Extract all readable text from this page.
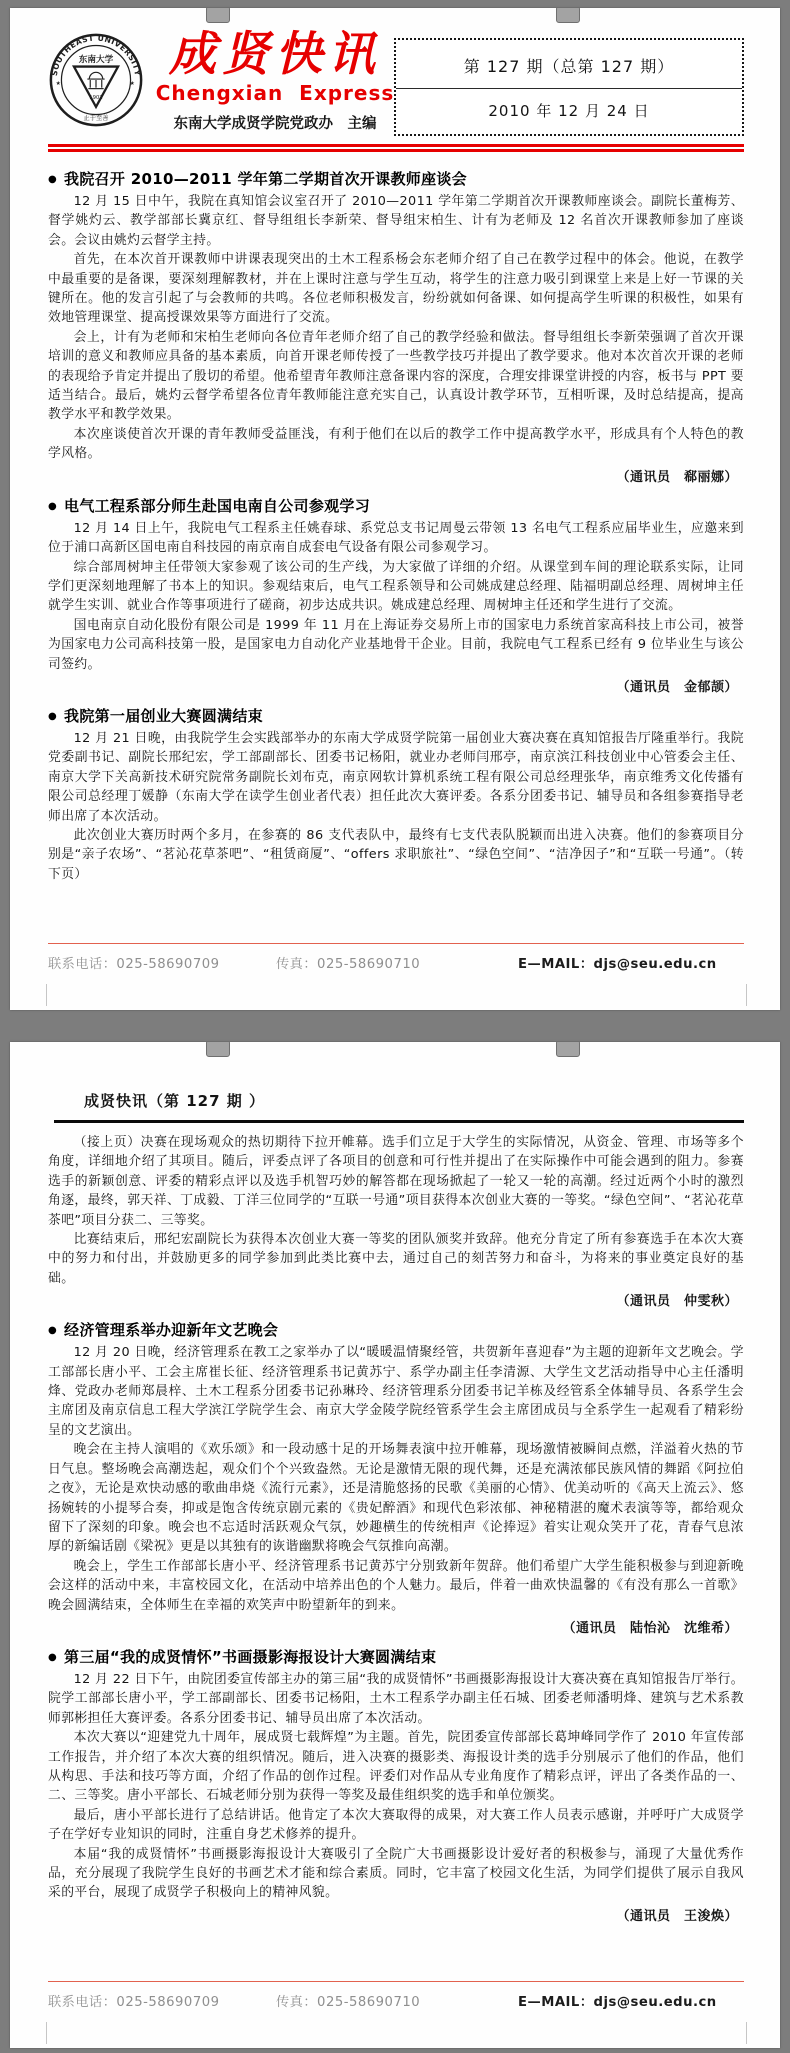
SOUTHEAST UNIVERSITY
★	★
东南大学
1902
止于至善
成贤快讯
Chengxian  Express
东南大学成贤学院党政办　主编
第 127 期（总第 127 期）
2010 年 12 月 24 日
● 我院召开 2010—2011 学年第二学期首次开课教师座谈会

12 月 15 日中午，我院在真知馆会议室召开了 2010—2011 学年第二学期首次开课教师座谈会。副院长董梅芳、督学姚灼云、教学部部长冀京红、督导组组长李新荣、督导组宋柏生、计有为老师及 12 名首次开课教师参加了座谈会。会议由姚灼云督学主持。

首先，在本次首开课教师中讲课表现突出的土木工程系杨会东老师介绍了自己在教学过程中的体会。他说，在教学中最重要的是备课，要深刻理解教材，并在上课时注意与学生互动，将学生的注意力吸引到课堂上来是上好一节课的关键所在。他的发言引起了与会教师的共鸣。各位老师积极发言，纷纷就如何备课、如何提高学生听课的积极性，如果有效地管理课堂、提高授课效果等方面进行了交流。

会上，计有为老师和宋柏生老师向各位青年老师介绍了自己的教学经验和做法。督导组组长李新荣强调了首次开课培训的意义和教师应具备的基本素质，向首开课老师传授了一些教学技巧并提出了教学要求。他对本次首次开课的老师的表现给予肯定并提出了殷切的希望。他希望青年教师注意备课内容的深度，合理安排课堂讲授的内容，板书与 PPT 要适当结合。最后，姚灼云督学希望各位青年教师能注意充实自己，认真设计教学环节，互相听课，及时总结提高，提高教学水平和教学效果。

本次座谈使首次开课的青年教师受益匪浅，有利于他们在以后的教学工作中提高教学水平，形成具有个人特色的教学风格。

（通讯员　郗丽娜）

● 电气工程系部分师生赴国电南自公司参观学习

12 月 14 日上午，我院电气工程系主任姚春球、系党总支书记周曼云带领 13 名电气工程系应届毕业生，应邀来到位于浦口高新区国电南自科技园的南京南自成套电气设备有限公司参观学习。

综合部周树坤主任带领大家参观了该公司的生产线，为大家做了详细的介绍。从课堂到车间的理论联系实际，让同学们更深刻地理解了书本上的知识。参观结束后，电气工程系领导和公司姚成建总经理、陆福明副总经理、周树坤主任就学生实训、就业合作等事项进行了磋商，初步达成共识。姚成建总经理、周树坤主任还和学生进行了交流。

国电南京自动化股份有限公司是 1999 年 11 月在上海证券交易所上市的国家电力系统首家高科技上市公司，被誉为国家电力公司高科技第一股，是国家电力自动化产业基地骨干企业。目前，我院电气工程系已经有 9 位毕业生与该公司签约。

（通讯员　金郁颉）

● 我院第一届创业大赛圆满结束

12 月 21 日晚，由我院学生会实践部举办的东南大学成贤学院第一届创业大赛决赛在真知馆报告厅隆重举行。我院党委副书记、副院长邢纪宏，学工部副部长、团委书记杨阳，就业办老师闫邢亭，南京滨江科技创业中心管委会主任、南京大学下关高新技术研究院常务副院长刘布克，南京网软计算机系统工程有限公司总经理张华，南京维秀文化传播有限公司总经理丁媛静（东南大学在读学生创业者代表）担任此次大赛评委。各系分团委书记、辅导员和各组参赛指导老师出席了本次活动。

此次创业大赛历时两个多月，在参赛的 86 支代表队中，最终有七支代表队脱颖而出进入决赛。他们的参赛项目分别是“亲子农场”、“茗沁花草茶吧”、“租赁商厦”、“offers 求职旅社”、“绿色空间”、“洁净因子”和“互联一号通”。（转下页）

联系电话：025-58690709	传真：025-58690710	E—MAIL：djs@seu.edu.cn
成贤快讯（第 127 期 ）

（接上页）决赛在现场观众的热切期待下拉开帷幕。选手们立足于大学生的实际情况，从资金、管理、市场等多个角度，详细地介绍了其项目。随后，评委点评了各项目的创意和可行性并提出了在实际操作中可能会遇到的阻力。参赛选手的新颖创意、评委的精彩点评以及选手机智巧妙的解答都在现场掀起了一轮又一轮的高潮。经过近两个小时的激烈角逐，最终，郭天祥、丁成毅、丁洋三位同学的“互联一号通”项目获得本次创业大赛的一等奖。“绿色空间”、“茗沁花草茶吧”项目分获二、三等奖。

比赛结束后，邢纪宏副院长为获得本次创业大赛一等奖的团队颁奖并致辞。他充分肯定了所有参赛选手在本次大赛中的努力和付出，并鼓励更多的同学参加到此类比赛中去，通过自己的刻苦努力和奋斗，为将来的事业奠定良好的基础。

（通讯员　仲雯秋）

● 经济管理系举办迎新年文艺晚会

12 月 20 日晚，经济管理系在教工之家举办了以“暖暖温情聚经管，共贺新年喜迎春”为主题的迎新年文艺晚会。学工部部长唐小平、工会主席崔长征、经济管理系书记黄苏宁、系学办副主任李清源、大学生文艺活动指导中心主任潘明烽、党政办老师郑晨梓、土木工程系分团委书记孙琳玲、经济管理系分团委书记羊栋及经管系全体辅导员、各系学生会主席团及南京信息工程大学滨江学院学生会、南京大学金陵学院经管系学生会主席团成员与全系学生一起观看了精彩纷呈的文艺演出。

晚会在主持人演唱的《欢乐颂》和一段动感十足的开场舞表演中拉开帷幕，现场激情被瞬间点燃，洋溢着火热的节日气息。整场晚会高潮迭起，观众们个个兴致盎然。无论是激情无限的现代舞，还是充满浓郁民族风情的舞蹈《阿拉伯之夜》，无论是欢快动感的歌曲串烧《流行元素》，还是清脆悠扬的民歌《美丽的心情》、优美动听的《高天上流云》、悠扬婉转的小提琴合奏，抑或是饱含传统京剧元素的《贵妃醉酒》和现代色彩浓郁、神秘精湛的魔术表演等等，都给观众留下了深刻的印象。晚会也不忘适时活跃观众气氛，妙趣横生的传统相声《论捧逗》着实让观众笑开了花，青春气息浓厚的新编话剧《梁祝》更是以其独有的诙谐幽默将晚会气氛推向高潮。

晚会上，学生工作部部长唐小平、经济管理系书记黄苏宁分别致新年贺辞。他们希望广大学生能积极参与到迎新晚会这样的活动中来，丰富校园文化，在活动中培养出色的个人魅力。最后，伴着一曲欢快温馨的《有没有那么一首歌》晚会圆满结束，全体师生在幸福的欢笑声中盼望新年的到来。

（通讯员　陆怡沁　沈维希）

● 第三届“我的成贤情怀”书画摄影海报设计大赛圆满结束

12 月 22 日下午，由院团委宣传部主办的第三届“我的成贤情怀”书画摄影海报设计大赛决赛在真知馆报告厅举行。院学工部部长唐小平，学工部副部长、团委书记杨阳，土木工程系学办副主任石城、团委老师潘明烽、建筑与艺术系教师郭彬担任大赛评委。各系分团委书记、辅导员出席了本次活动。

本次大赛以“迎建党九十周年，展成贤七载辉煌”为主题。首先，院团委宣传部部长葛坤峰同学作了 2010 年宣传部工作报告，并介绍了本次大赛的组织情况。随后，进入决赛的摄影类、海报设计类的选手分别展示了他们的作品，他们从构思、手法和技巧等方面，介绍了作品的创作过程。评委们对作品从专业角度作了精彩点评，评出了各类作品的一、二、三等奖。唐小平部长、石城老师分别为获得一等奖及最佳组织奖的选手和单位颁奖。

最后，唐小平部长进行了总结讲话。他肯定了本次大赛取得的成果，对大赛工作人员表示感谢，并呼吁广大成贤学子在学好专业知识的同时，注重自身艺术修养的提升。

本届“我的成贤情怀”书画摄影海报设计大赛吸引了全院广大书画摄影设计爱好者的积极参与，涌现了大量优秀作品，充分展现了我院学生良好的书画艺术才能和综合素质。同时，它丰富了校园文化生活，为同学们提供了展示自我风采的平台，展现了成贤学子积极向上的精神风貌。

（通讯员　王浚焕）

联系电话：025-58690709	传真：025-58690710	E—MAIL：djs@seu.edu.cn
